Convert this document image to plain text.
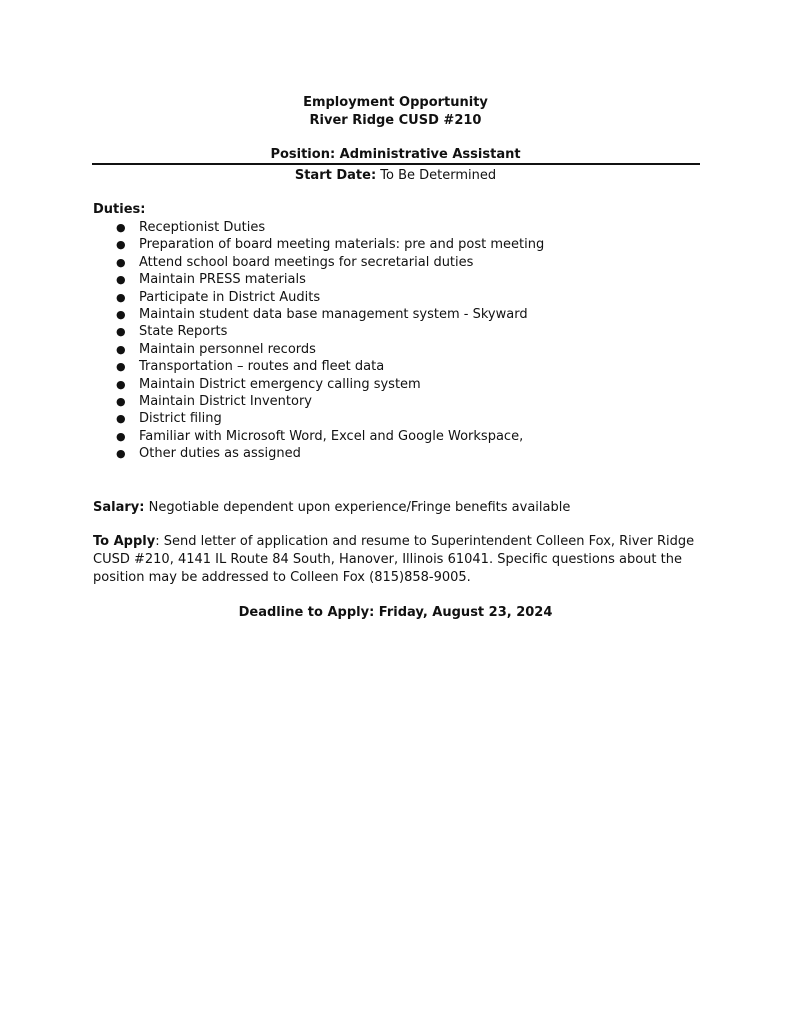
Employment Opportunity
River Ridge CUSD #210
Position: Administrative Assistant
Start Date: To Be Determined
Duties:
● Receptionist Duties
● Preparation of board meeting materials: pre and post meeting
● Attend school board meetings for secretarial duties
● Maintain PRESS materials
● Participate in District Audits
● Maintain student data base management system - Skyward
● State Reports
● Maintain personnel records
● Transportation – routes and fleet data
● Maintain District emergency calling system
● Maintain District Inventory
● District filing
● Familiar with Microsoft Word, Excel and Google Workspace,
● Other duties as assigned
Salary: Negotiable dependent upon experience/Fringe benefits available
To Apply: Send letter of application and resume to Superintendent Colleen Fox, River Ridge CUSD #210, 4141 IL Route 84 South, Hanover, Illinois 61041. Specific questions about the position may be addressed to Colleen Fox (815)858-9005.
Deadline to Apply: Friday, August 23, 2024
